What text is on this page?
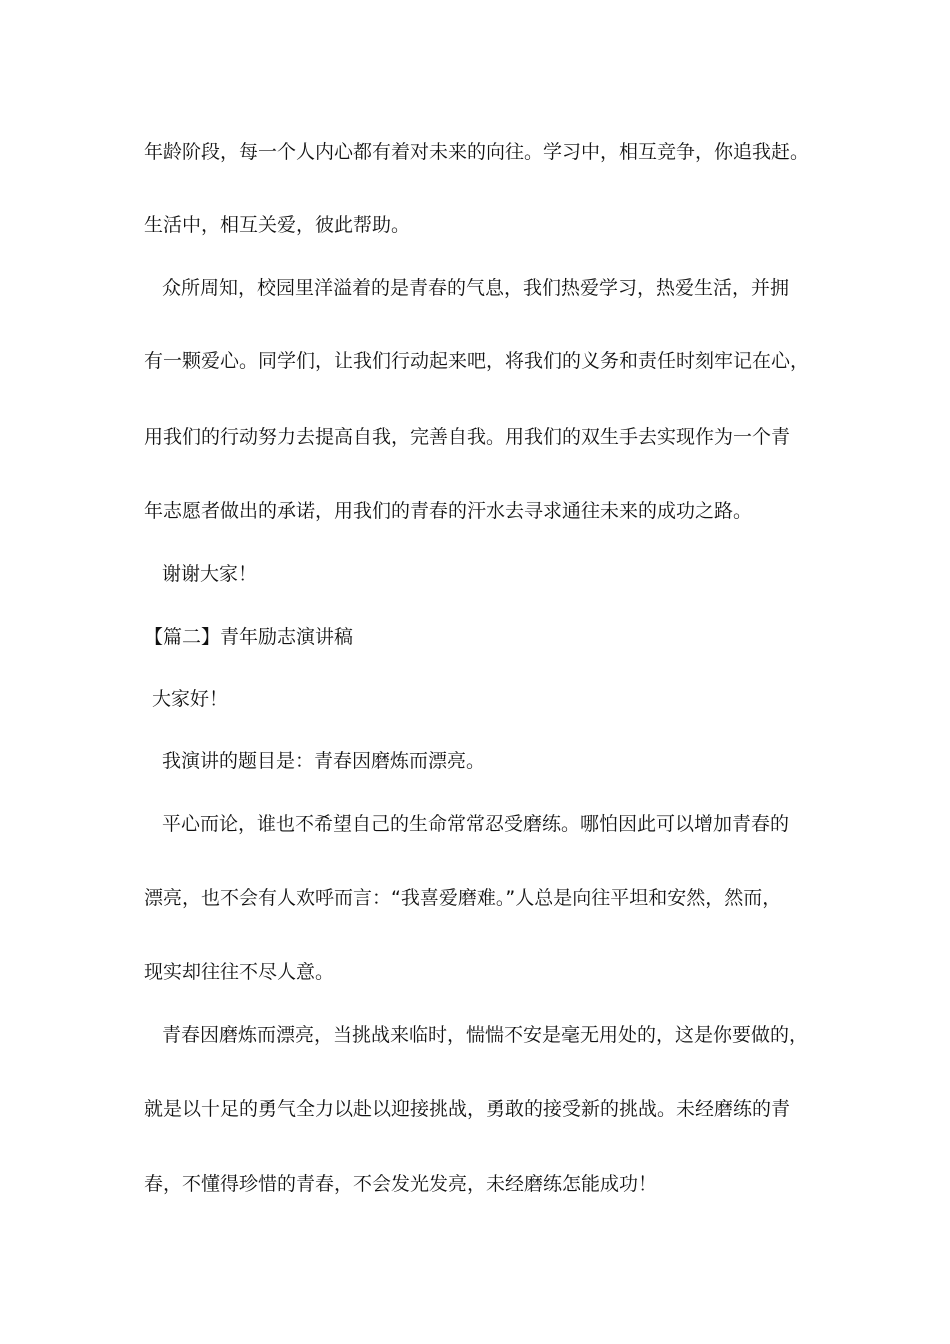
年龄阶段，每一个人内心都有着对未来的向往。学习中，相互竞争，你追我赶。
生活中，相互关爱，彼此帮助。
众所周知，校园里洋溢着的是青春的气息，我们热爱学习，热爱生活，并拥
有一颗爱心。同学们，让我们行动起来吧，将我们的义务和责任时刻牢记在心，
用我们的行动努力去提高自我，完善自我。用我们的双生手去实现作为一个青
年志愿者做出的承诺，用我们的青春的汗水去寻求通往未来的成功之路。
谢谢大家！
【篇二】青年励志演讲稿
大家好！
我演讲的题目是：青春因磨炼而漂亮。
平心而论，谁也不希望自己的生命常常忍受磨练。哪怕因此可以增加青春的
漂亮，也不会有人欢呼而言：“我喜爱磨难。”人总是向往平坦和安然，然而，
现实却往往不尽人意。
青春因磨炼而漂亮，当挑战来临时，惴惴不安是毫无用处的，这是你要做的，
就是以十足的勇气全力以赴以迎接挑战，勇敢的接受新的挑战。未经磨练的青
春，不懂得珍惜的青春，不会发光发亮，未经磨练怎能成功！
